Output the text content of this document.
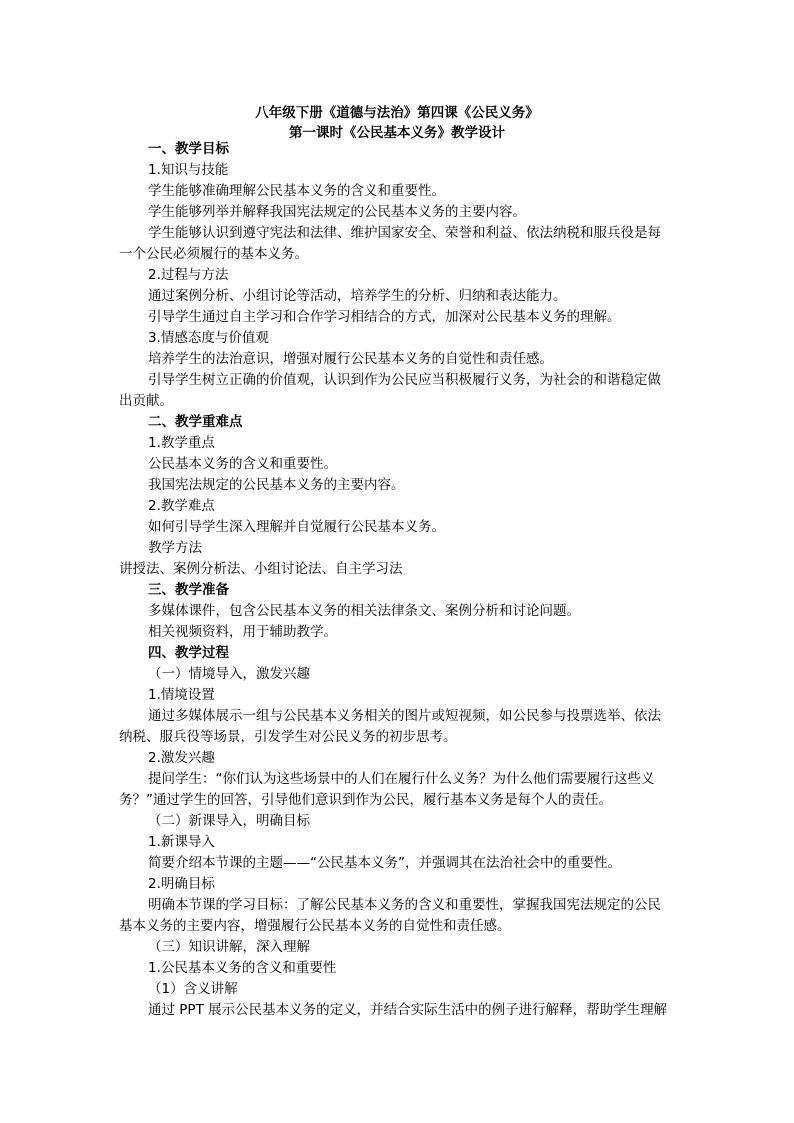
八年级下册《道德与法治》第四课《公民义务》
第一课时《公民基本义务》教学设计
一、教学目标
1.知识与技能
学生能够准确理解公民基本义务的含义和重要性。
学生能够列举并解释我国宪法规定的公民基本义务的主要内容。
学生能够认识到遵守宪法和法律、维护国家安全、荣誉和利益、依法纳税和服兵役是每
一个公民必须履行的基本义务。
2.过程与方法
通过案例分析、小组讨论等活动，培养学生的分析、归纳和表达能力。
引导学生通过自主学习和合作学习相结合的方式，加深对公民基本义务的理解。
3.情感态度与价值观
培养学生的法治意识，增强对履行公民基本义务的自觉性和责任感。
引导学生树立正确的价值观，认识到作为公民应当积极履行义务，为社会的和谐稳定做
出贡献。
二、教学重难点
1.教学重点
公民基本义务的含义和重要性。
我国宪法规定的公民基本义务的主要内容。
2.教学难点
如何引导学生深入理解并自觉履行公民基本义务。
教学方法
讲授法、案例分析法、小组讨论法、自主学习法
三、教学准备
多媒体课件，包含公民基本义务的相关法律条文、案例分析和讨论问题。
相关视频资料，用于辅助教学。
四、教学过程
（一）情境导入，激发兴趣
1.情境设置
通过多媒体展示一组与公民基本义务相关的图片或短视频，如公民参与投票选举、依法
纳税、服兵役等场景，引发学生对公民义务的初步思考。
2.激发兴趣
提问学生：“你们认为这些场景中的人们在履行什么义务？为什么他们需要履行这些义
务？”通过学生的回答，引导他们意识到作为公民，履行基本义务是每个人的责任。
（二）新课导入，明确目标
1.新课导入
简要介绍本节课的主题——“公民基本义务”，并强调其在法治社会中的重要性。
2.明确目标
明确本节课的学习目标：了解公民基本义务的含义和重要性，掌握我国宪法规定的公民
基本义务的主要内容，增强履行公民基本义务的自觉性和责任感。
（三）知识讲解，深入理解
1.公民基本义务的含义和重要性
（1）含义讲解
通过 PPT 展示公民基本义务的定义，并结合实际生活中的例子进行解释，帮助学生理解
